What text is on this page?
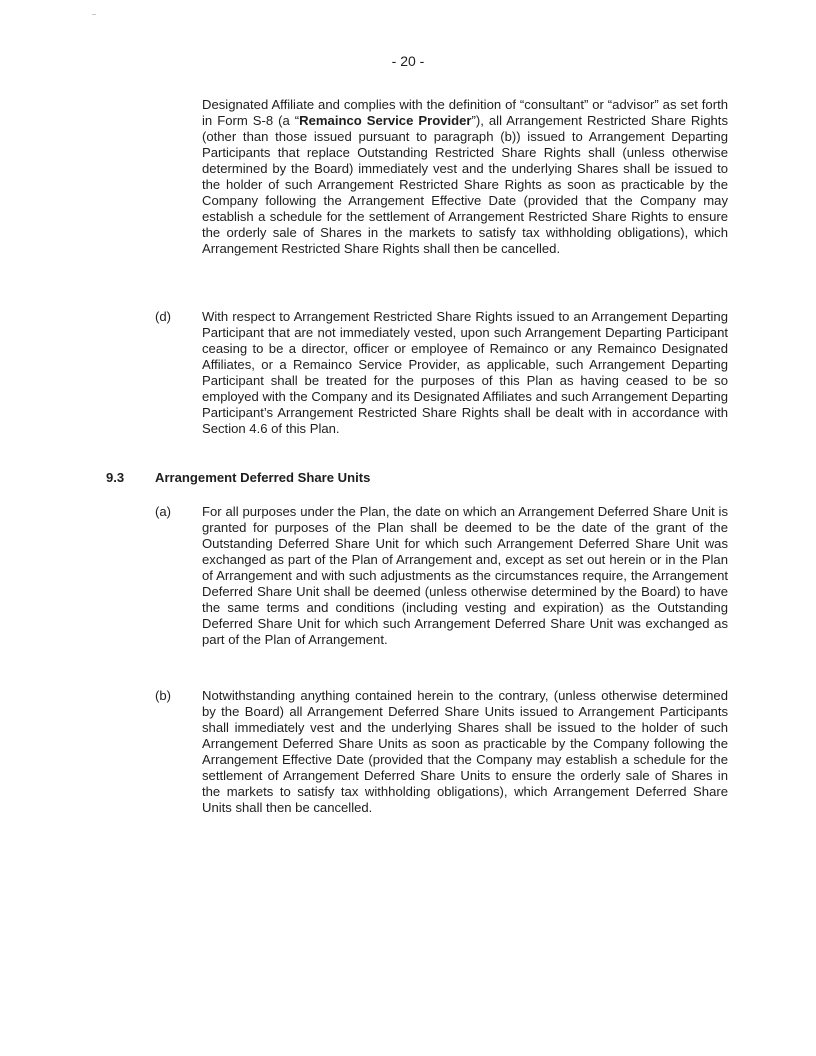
- 20 -

Designated Affiliate and complies with the definition of “consultant” or “advisor” as set forth in Form S-8 (a “Remainco Service Provider”), all Arrangement Restricted Share Rights (other than those issued pursuant to paragraph (b)) issued to Arrangement Departing Participants that replace Outstanding Restricted Share Rights shall (unless otherwise determined by the Board) immediately vest and the underlying Shares shall be issued to the holder of such Arrangement Restricted Share Rights as soon as practicable by the Company following the Arrangement Effective Date (provided that the Company may establish a schedule for the settlement of Arrangement Restricted Share Rights to ensure the orderly sale of Shares in the markets to satisfy tax withholding obligations), which Arrangement Restricted Share Rights shall then be cancelled.

(d) With respect to Arrangement Restricted Share Rights issued to an Arrangement Departing Participant that are not immediately vested, upon such Arrangement Departing Participant ceasing to be a director, officer or employee of Remainco or any Remainco Designated Affiliates, or a Remainco Service Provider, as applicable, such Arrangement Departing Participant shall be treated for the purposes of this Plan as having ceased to be so employed with the Company and its Designated Affiliates and such Arrangement Departing Participant’s Arrangement Restricted Share Rights shall be dealt with in accordance with Section 4.6 of this Plan.

9.3 Arrangement Deferred Share Units
(a) For all purposes under the Plan, the date on which an Arrangement Deferred Share Unit is granted for purposes of the Plan shall be deemed to be the date of the grant of the Outstanding Deferred Share Unit for which such Arrangement Deferred Share Unit was exchanged as part of the Plan of Arrangement and, except as set out herein or in the Plan of Arrangement and with such adjustments as the circumstances require, the Arrangement Deferred Share Unit shall be deemed (unless otherwise determined by the Board) to have the same terms and conditions (including vesting and expiration) as the Outstanding Deferred Share Unit for which such Arrangement Deferred Share Unit was exchanged as part of the Plan of Arrangement.

(b) Notwithstanding anything contained herein to the contrary, (unless otherwise determined by the Board) all Arrangement Deferred Share Units issued to Arrangement Participants shall immediately vest and the underlying Shares shall be issued to the holder of such Arrangement Deferred Share Units as soon as practicable by the Company following the Arrangement Effective Date (provided that the Company may establish a schedule for the settlement of Arrangement Deferred Share Units to ensure the orderly sale of Shares in the markets to satisfy tax withholding obligations), which Arrangement Deferred Share Units shall then be cancelled.
